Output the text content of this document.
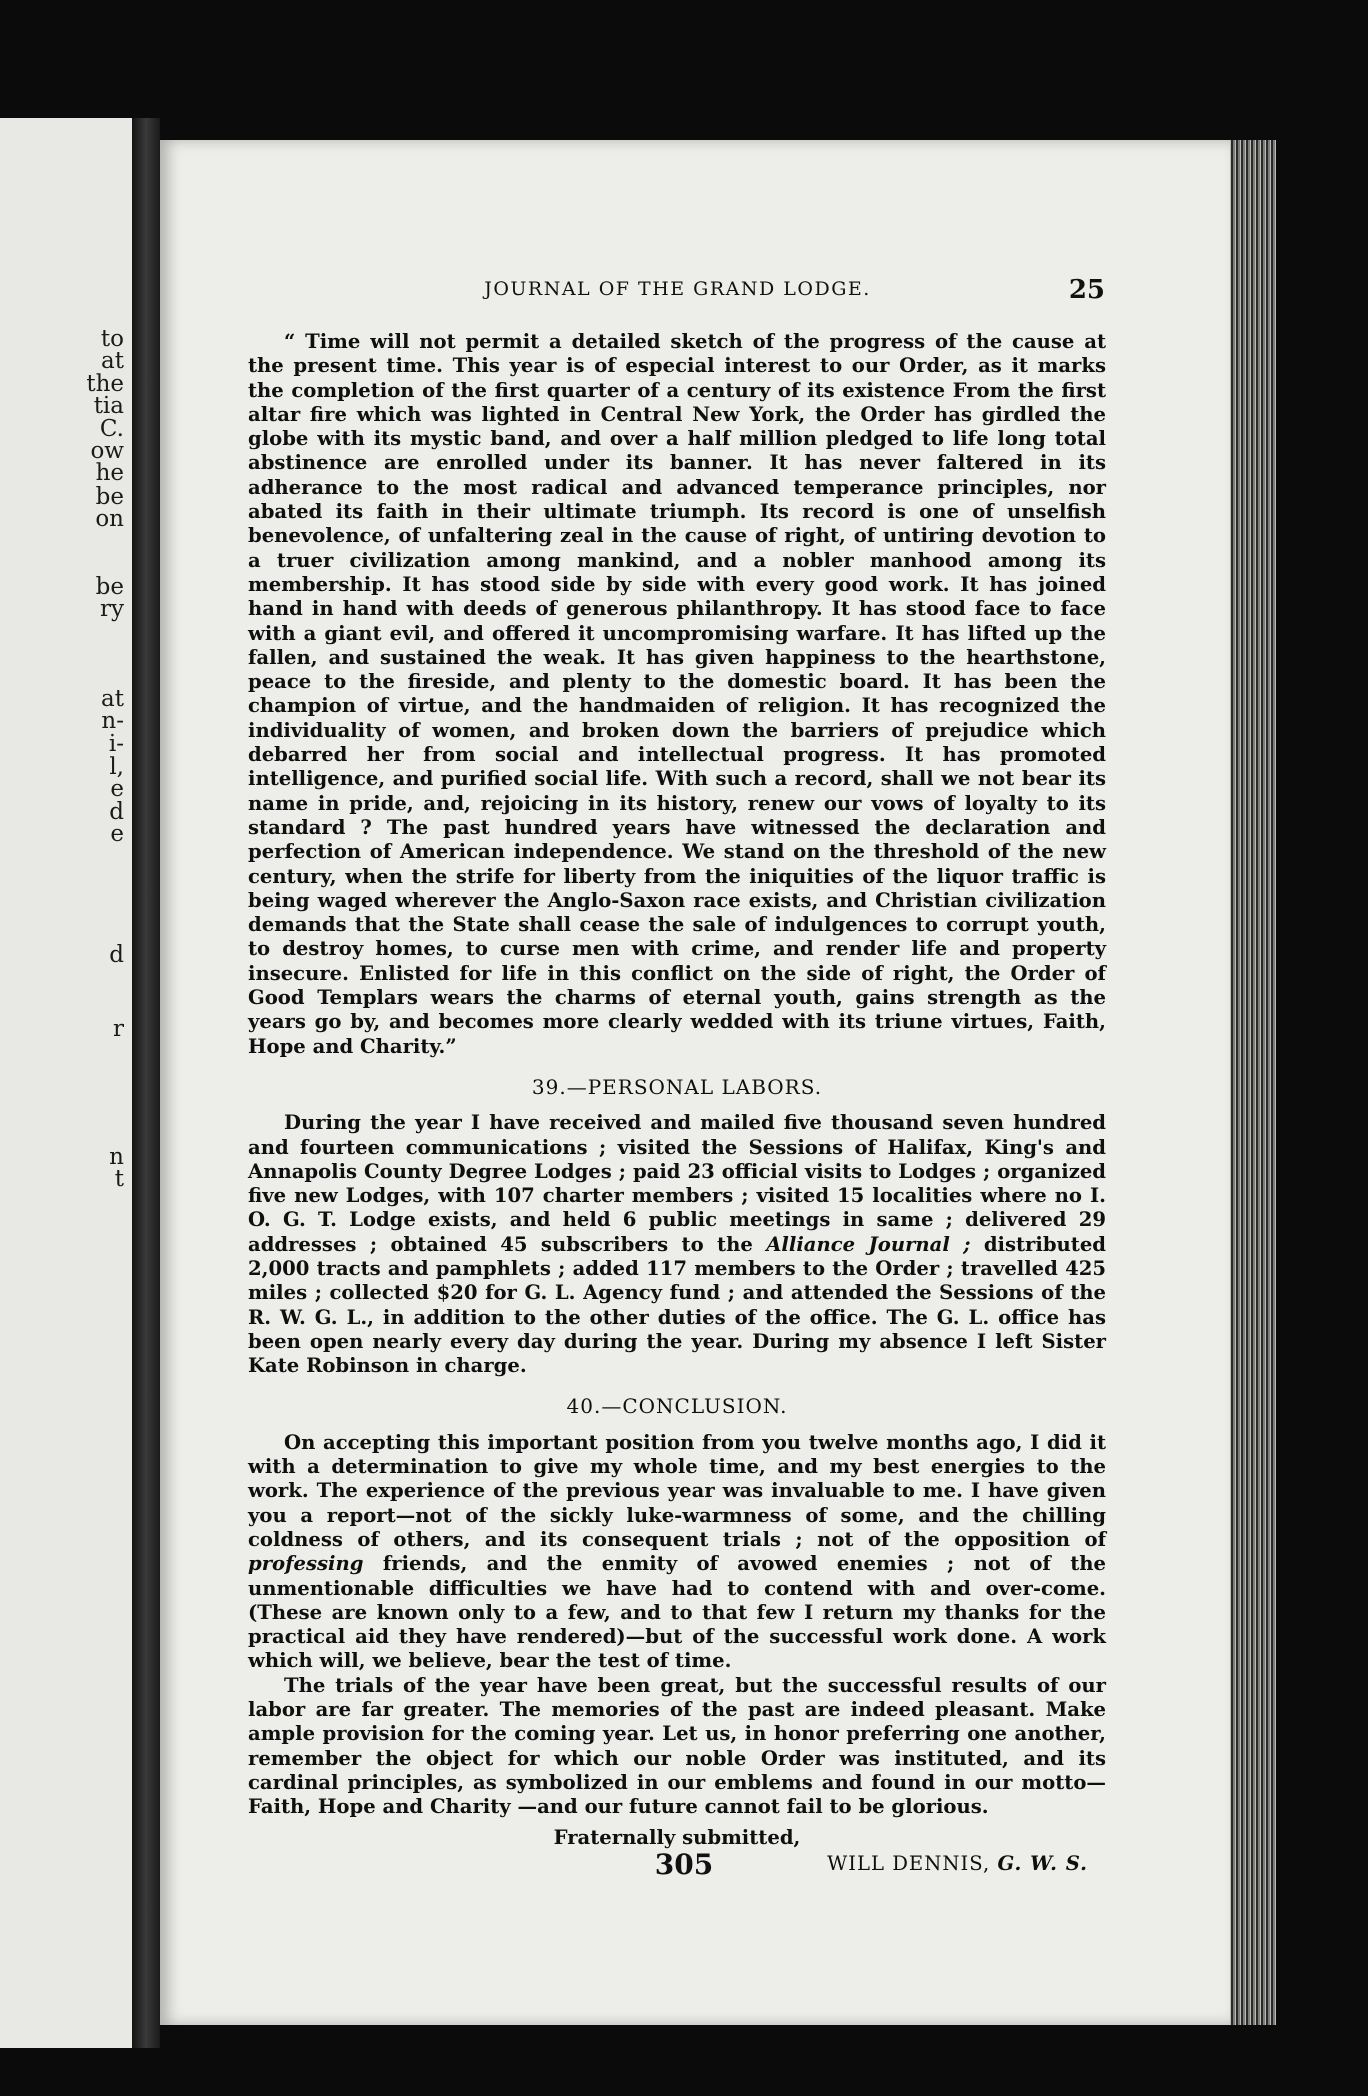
to
at
the
tia
C.
ow
he
be
on
be
ry
at
n-
i-
l,
e
d
e
d
r
n
t
JOURNAL OF THE GRAND LODGE.	25

“ Time will not permit a detailed sketch of the progress of the cause at the present time. This year is of especial interest to our Order, as it marks the completion of the first quarter of a century of its existence From the first altar fire which was lighted in Central New York, the Order has girdled the globe with its mystic band, and over a half million pledged to life long total abstinence are enrolled under its banner. It has never faltered in its adherance to the most radical and advanced temperance principles, nor abated its faith in their ultimate triumph. Its record is one of unselfish benevolence, of unfaltering zeal in the cause of right, of untiring devotion to a truer civilization among mankind, and a nobler manhood among its membership. It has stood side by side with every good work. It has joined hand in hand with deeds of generous philanthropy. It has stood face to face with a giant evil, and offered it uncompromising warfare. It has lifted up the fallen, and sustained the weak. It has given happiness to the hearthstone, peace to the fireside, and plenty to the domestic board. It has been the champion of virtue, and the handmaiden of religion. It has recognized the individuality of women, and broken down the barriers of prejudice which debarred her from social and intellectual progress. It has promoted intelligence, and purified social life. With such a record, shall we not bear its name in pride, and, rejoicing in its history, renew our vows of loyalty to its standard ? The past hundred years have witnessed the declaration and perfection of American independence. We stand on the threshold of the new century, when the strife for liberty from the iniquities of the liquor traffic is being waged wherever the Anglo-Saxon race exists, and Christian civilization demands that the State shall cease the sale of indulgences to corrupt youth, to destroy homes, to curse men with crime, and render life and property insecure. Enlisted for life in this conflict on the side of right, the Order of Good Templars wears the charms of eternal youth, gains strength as the years go by, and becomes more clearly wedded with its triune virtues, Faith, Hope and Charity.”

39.—PERSONAL LABORS.

During the year I have received and mailed five thousand seven hundred and fourteen communications ; visited the Sessions of Halifax, King's and Annapolis County Degree Lodges ; paid 23 official visits to Lodges ; organized five new Lodges, with 107 charter members ; visited 15 localities where no I. O. G. T. Lodge exists, and held 6 public meetings in same ; delivered 29 addresses ; obtained 45 subscribers to the Alliance Journal ; distributed 2,000 tracts and pamphlets ; added 117 members to the Order ; travelled 425 miles ; collected $20 for G. L. Agency fund ; and attended the Sessions of the R. W. G. L., in addition to the other duties of the office. The G. L. office has been open nearly every day during the year. During my absence I left Sister Kate Robinson in charge.

40.—CONCLUSION.

On accepting this important position from you twelve months ago, I did it with a determination to give my whole time, and my best energies to the work. The experience of the previous year was invaluable to me. I have given you a report—not of the sickly luke-warmness of some, and the chilling coldness of others, and its consequent trials ; not of the opposition of professing friends, and the enmity of avowed enemies ; not of the unmentionable difficulties we have had to contend with and over-come. (These are known only to a few, and to that few I return my thanks for the practical aid they have rendered)—but of the successful work done. A work which will, we believe, bear the test of time.

The trials of the year have been great, but the successful results of our labor are far greater. The memories of the past are indeed pleasant. Make ample provision for the coming year. Let us, in honor preferring one another, remember the object for which our noble Order was instituted, and its cardinal principles, as symbolized in our emblems and found in our motto—Faith, Hope and Charity —and our future cannot fail to be glorious.

Fraternally submitted,
WILL DENNIS, G. W. S.
305
